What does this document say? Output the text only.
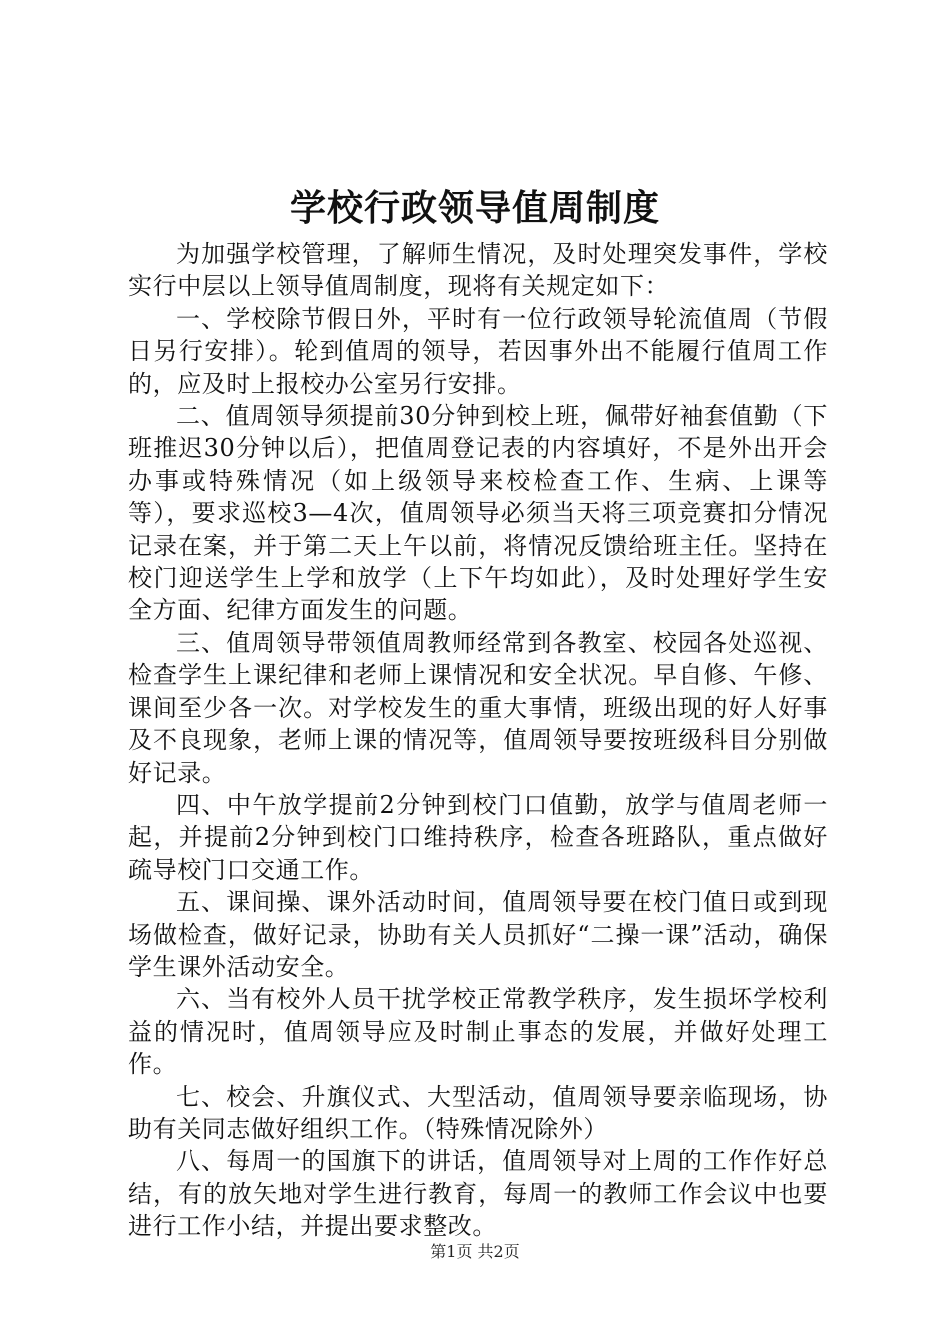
学校行政领导值周制度

为加强学校管理，了解师生情况，及时处理突发事件，学校实行中层以上领导值周制度，现将有关规定如下：

一、学校除节假日外，平时有一位行政领导轮流值周（节假日另行安排）。轮到值周的领导，若因事外出不能履行值周工作的，应及时上报校办公室另行安排。

二、值周领导须提前30分钟到校上班，佩带好袖套值勤（下班推迟30分钟以后），把值周登记表的内容填好，不是外出开会办事或特殊情况（如上级领导来校检查工作、生病、上课等等），要求巡校3—4次，值周领导必须当天将三项竞赛扣分情况记录在案，并于第二天上午以前，将情况反馈给班主任。坚持在校门迎送学生上学和放学（上下午均如此），及时处理好学生安全方面、纪律方面发生的问题。

三、值周领导带领值周教师经常到各教室、校园各处巡视、检查学生上课纪律和老师上课情况和安全状况。早自修、午修、课间至少各一次。对学校发生的重大事情，班级出现的好人好事及不良现象，老师上课的情况等，值周领导要按班级科目分别做好记录。

四、中午放学提前2分钟到校门口值勤，放学与值周老师一起，并提前2分钟到校门口维持秩序，检查各班路队，重点做好疏导校门口交通工作。

五、课间操、课外活动时间，值周领导要在校门值日或到现场做检查，做好记录，协助有关人员抓好“二操一课”活动，确保学生课外活动安全。

六、当有校外人员干扰学校正常教学秩序，发生损坏学校利益的情况时，值周领导应及时制止事态的发展，并做好处理工作。

七、校会、升旗仪式、大型活动，值周领导要亲临现场，协助有关同志做好组织工作。（特殊情况除外）

八、每周一的国旗下的讲话，值周领导对上周的工作作好总结，有的放矢地对学生进行教育，每周一的教师工作会议中也要进行工作小结，并提出要求整改。

第1页 共2页
